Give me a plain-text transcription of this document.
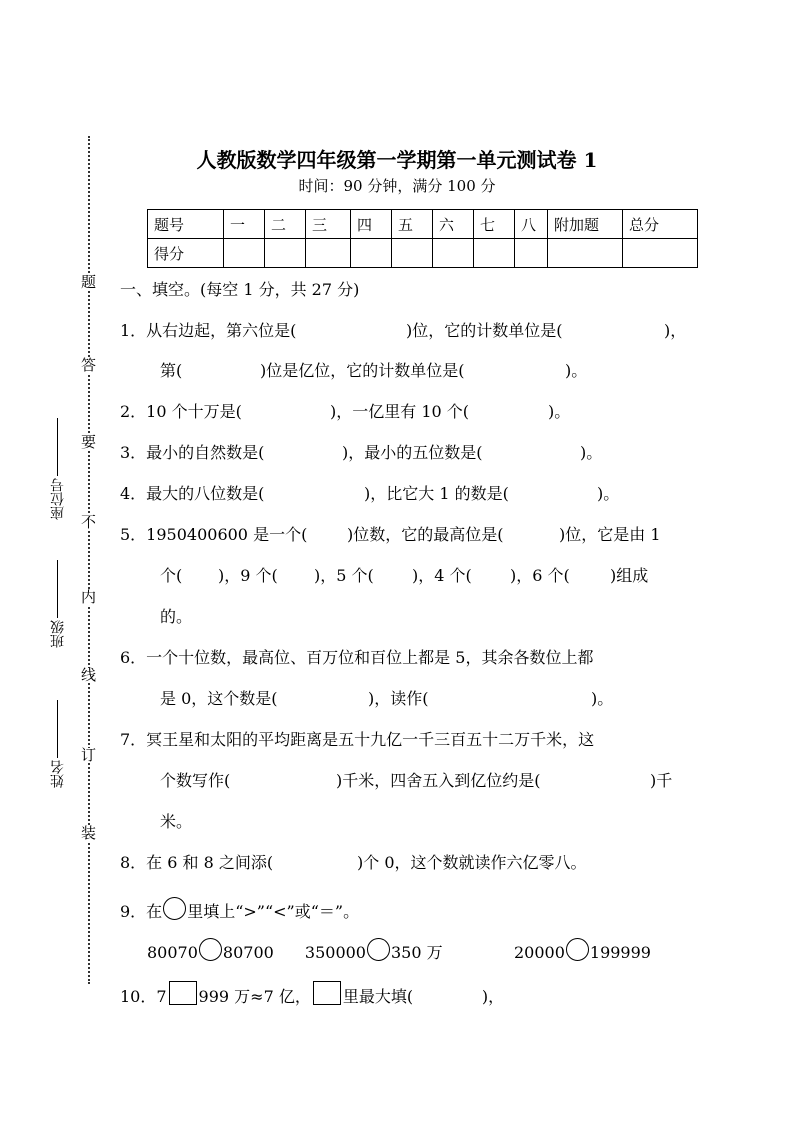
题
答
要
不
内
线
订
装
座位号
班级
姓名
人教版数学四年级第一学期第一单元测试卷 1
时间：90 分钟，满分 100 分
题号	一	二	三	四	五	六	七	八	附加题	总分
得分										
一、填空。(每空 1 分，共 27 分)
1．从右边起，第六位是(	)位，它的计数单位是(	)，
第(	)位是亿位，它的计数单位是(	)。
2．10 个十万是(	)，一亿里有 10 个(	)。
3．最小的自然数是(	)，最小的五位数是(	)。
4．最大的八位数是(	)，比它大 1 的数是(	)。
5．1950400600 是一个( )位数，它的最高位是(	)位，它是由 1
个( )，9 个( )，5 个( )，4 个( )，6 个(	)组成
的。
6．一个十位数，最高位、百万位和百位上都是 5，其余各数位上都
是 0，这个数是(	)，读作(	)。
7．冥王星和太阳的平均距离是五十九亿一千三百五十二万千米，这
个数写作(	)千米，四舍五入到亿位约是(	)千
米。
8．在 6 和 8 之间添(	)个 0，这个数就读作六亿零八。
9．在 里填上“>”“<”或“＝”。
80070 80700 350000 350 万	20000 199999
10．7 999 万≈7 亿， 里最大填(	)，
